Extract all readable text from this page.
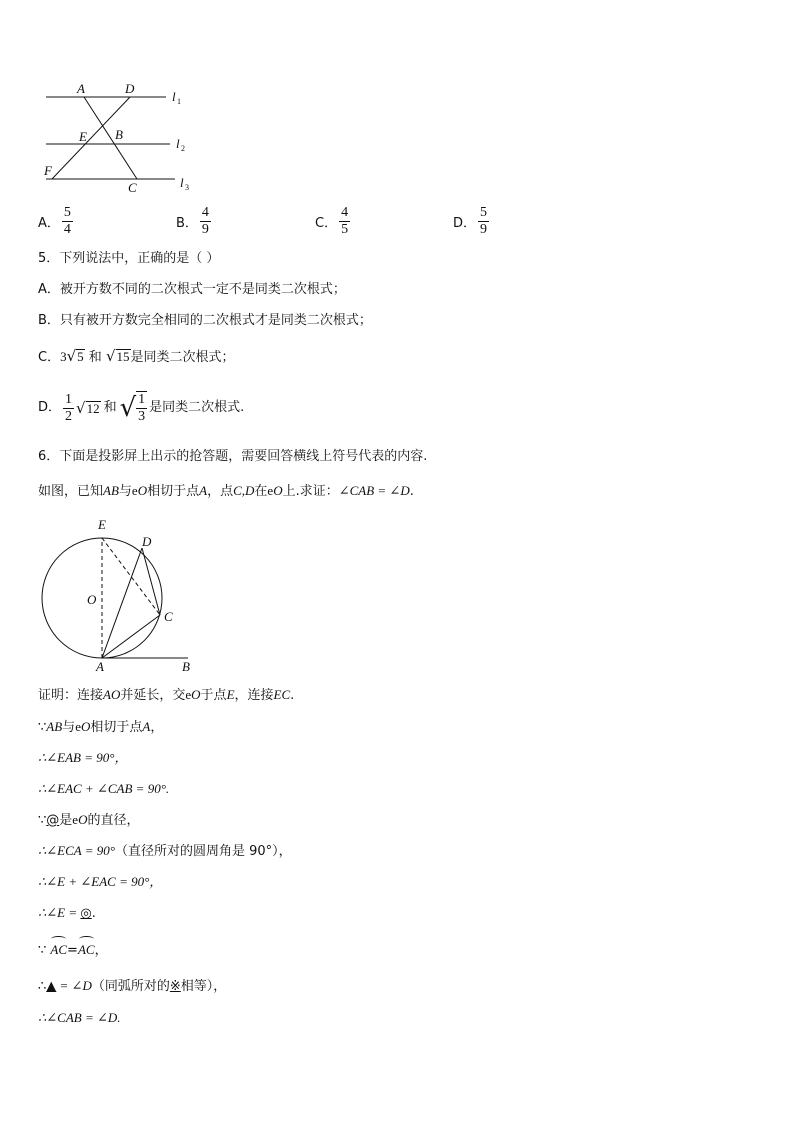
A	D
l 1
E B
l 2
F
C	l 3
A． $\frac{5}{4}$	B． $\frac{4}{9}$	C． $\frac{4}{5}$	D． $\frac{5}{9}$
5．下列说法中，正确的是（ ）
A．被开方数不同的二次根式一定不是同类二次根式；
B．只有被开方数完全相同的二次根式才是同类二次根式；
C．3√5 和 √15是同类二次根式；
D． $\frac{1}{2}$ √ 12 和 √ $\frac{1}{3}$ 是同类二次根式.
6．下面是投影屏上出示的抢答题，需要回答横线上符号代表的内容.
如图，已知AB与eO相切于点A，点C,D在eO上.求证：∠CAB = ∠D.
E
D
O
C
A	B
证明：连接AO并延长，交eO于点E，连接EC.
∵AB与eO相切于点A，
∴∠EAB = 90°，
∴∠EAC + ∠CAB = 90°.
∵@是eO的直径，
∴∠ECA = 90°（直径所对的圆周角是 90°），
∴∠E + ∠EAC = 90°，
∴∠E = ◎.
∵ AC=AC，
∴▲ = ∠D（同弧所对的※相等），
∴∠CAB = ∠D.
